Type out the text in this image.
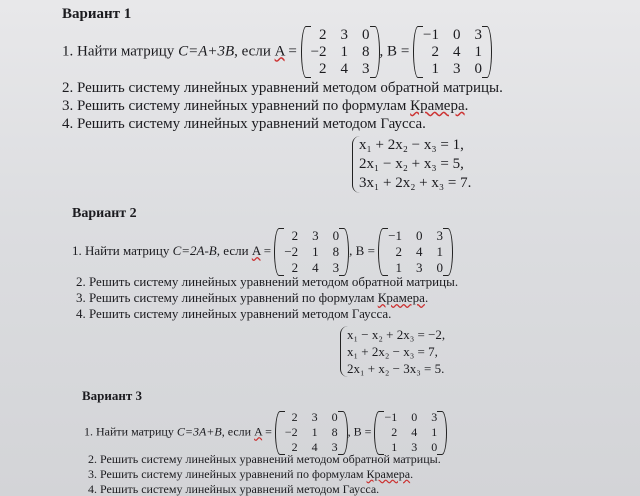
Вариант 1
1. Найти матрицу C=A+3B, если A =
2 3 0
−2 1 8
2 4 3
, B =
−1 0 3
2 4 1
1 3 0
2. Решить систему линейных уравнений методом обратной матрицы.
3. Решить систему линейных уравнений по формулам Крамера.
4. Решить систему линейных уравнений методом Гаусса.
x₁ + 2x₂ − x₃ = 1,
2x₁ − x₂ + x₃ = 5,
3x₁ + 2x₂ + x₃ = 7.
Вариант 2
1. Найти матрицу C=2A-B, если A =
2 3 0
−2 1 8
2 4 3
, B =
−1 0 3
2 4 1
1 3 0
2. Решить систему линейных уравнений методом обратной матрицы.
3. Решить систему линейных уравнений по формулам Крамера.
4. Решить систему линейных уравнений методом Гаусса.
x₁ − x₂ + 2x₃ = −2,
x₁ + 2x₂ − x₃ = 7,
2x₁ + x₂ − 3x₃ = 5.
Вариант 3
1. Найти матрицу C=3A+B, если A =
2 3 0
−2 1 8
2 4 3
, B =
−1 0 3
2 4 1
1 3 0
2. Решить систему линейных уравнений методом обратной матрицы.
3. Решить систему линейных уравнений по формулам Крамера.
4. Решить систему линейных уравнений методом Гаусса.
